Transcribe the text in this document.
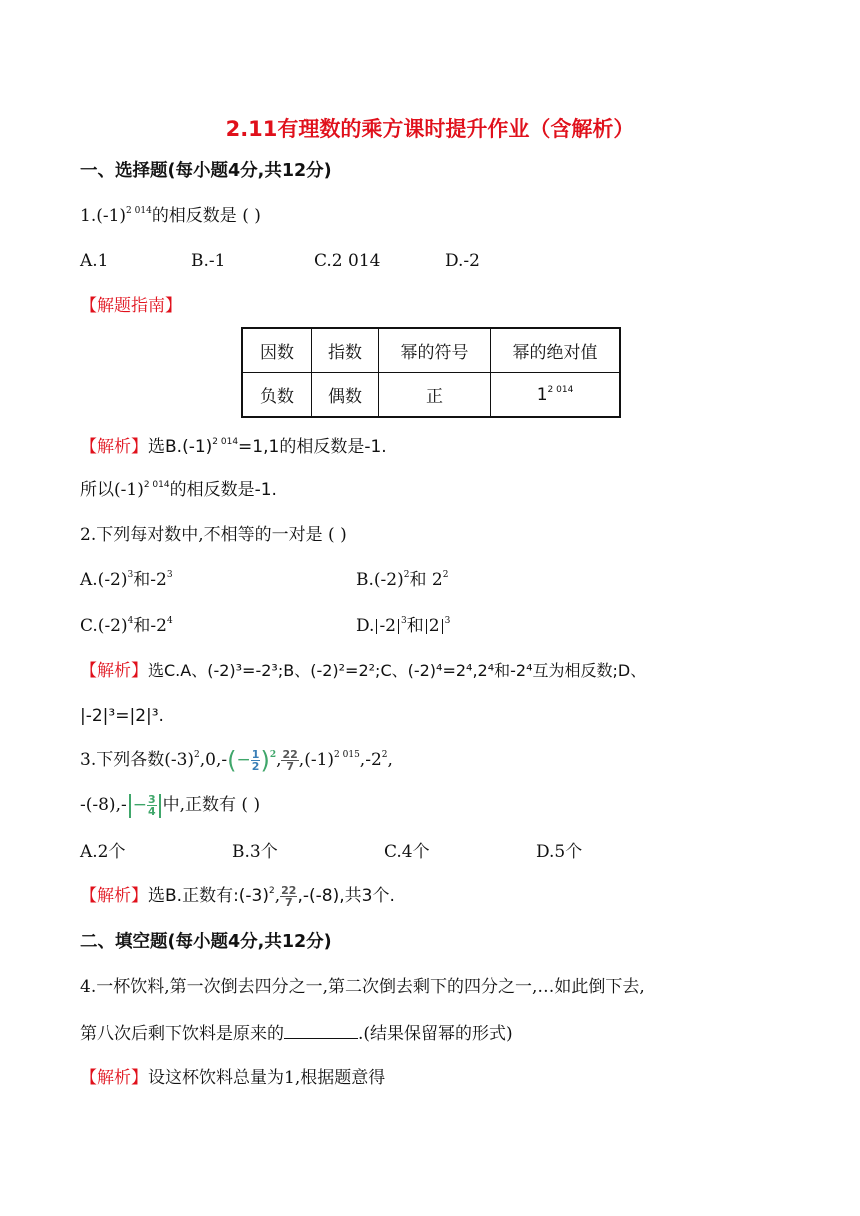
2.11有理数的乘方课时提升作业（含解析）
一、选择题(每小题4分,共12分)
$1.(-1)^{2 014}$的相反数是 ( )
A.1	B.-1	C.2 014	D.-2
【解题指南】
因数	指数	幂的符号	幂的绝对值
负数	偶数	正	$1^{2 014}$
【解析】选$B.(-1)^{2 014}=1,1$的相反数是-1.
所以$(-1)^{2 014}$的相反数是-1.
2.下列每对数中,不相等的一对是 ( )
$A.(-2)^3$和$-2^3$	$B.(-2)^2$和 $2^2$
$C.(-2)^4$和$-2^4$	D. -2 $^3$和 2 $^3$
【解析】选C.A、(-2)³=-2³;B、(-2)²=2²;C、(-2)⁴=2⁴,2⁴和-2⁴互为相反数;D、
|-2|³=|2|³.
3.下列各数$(-3)^2,0,-(- \frac{1}{2} )^2$, $\frac{22}{7} ,(-1)^{2 015},-2^2$,
$-(-8),- - \frac{3}{4}$ 中,正数有 ( )
A.2个	B.3个	C.4个	D.5个
【解析】选B.正数有$:(-3)^2$, $\frac{22}{7} ,-(-8)$,共3个.
二、填空题(每小题4分,共12分)
4.一杯饮料,第一次倒去四分之一,第二次倒去剩下的四分之一,…如此倒下去,
第八次后剩下饮料是原来的	.(结果保留幂的形式)
【解析】设这杯饮料总量为1,根据题意得
